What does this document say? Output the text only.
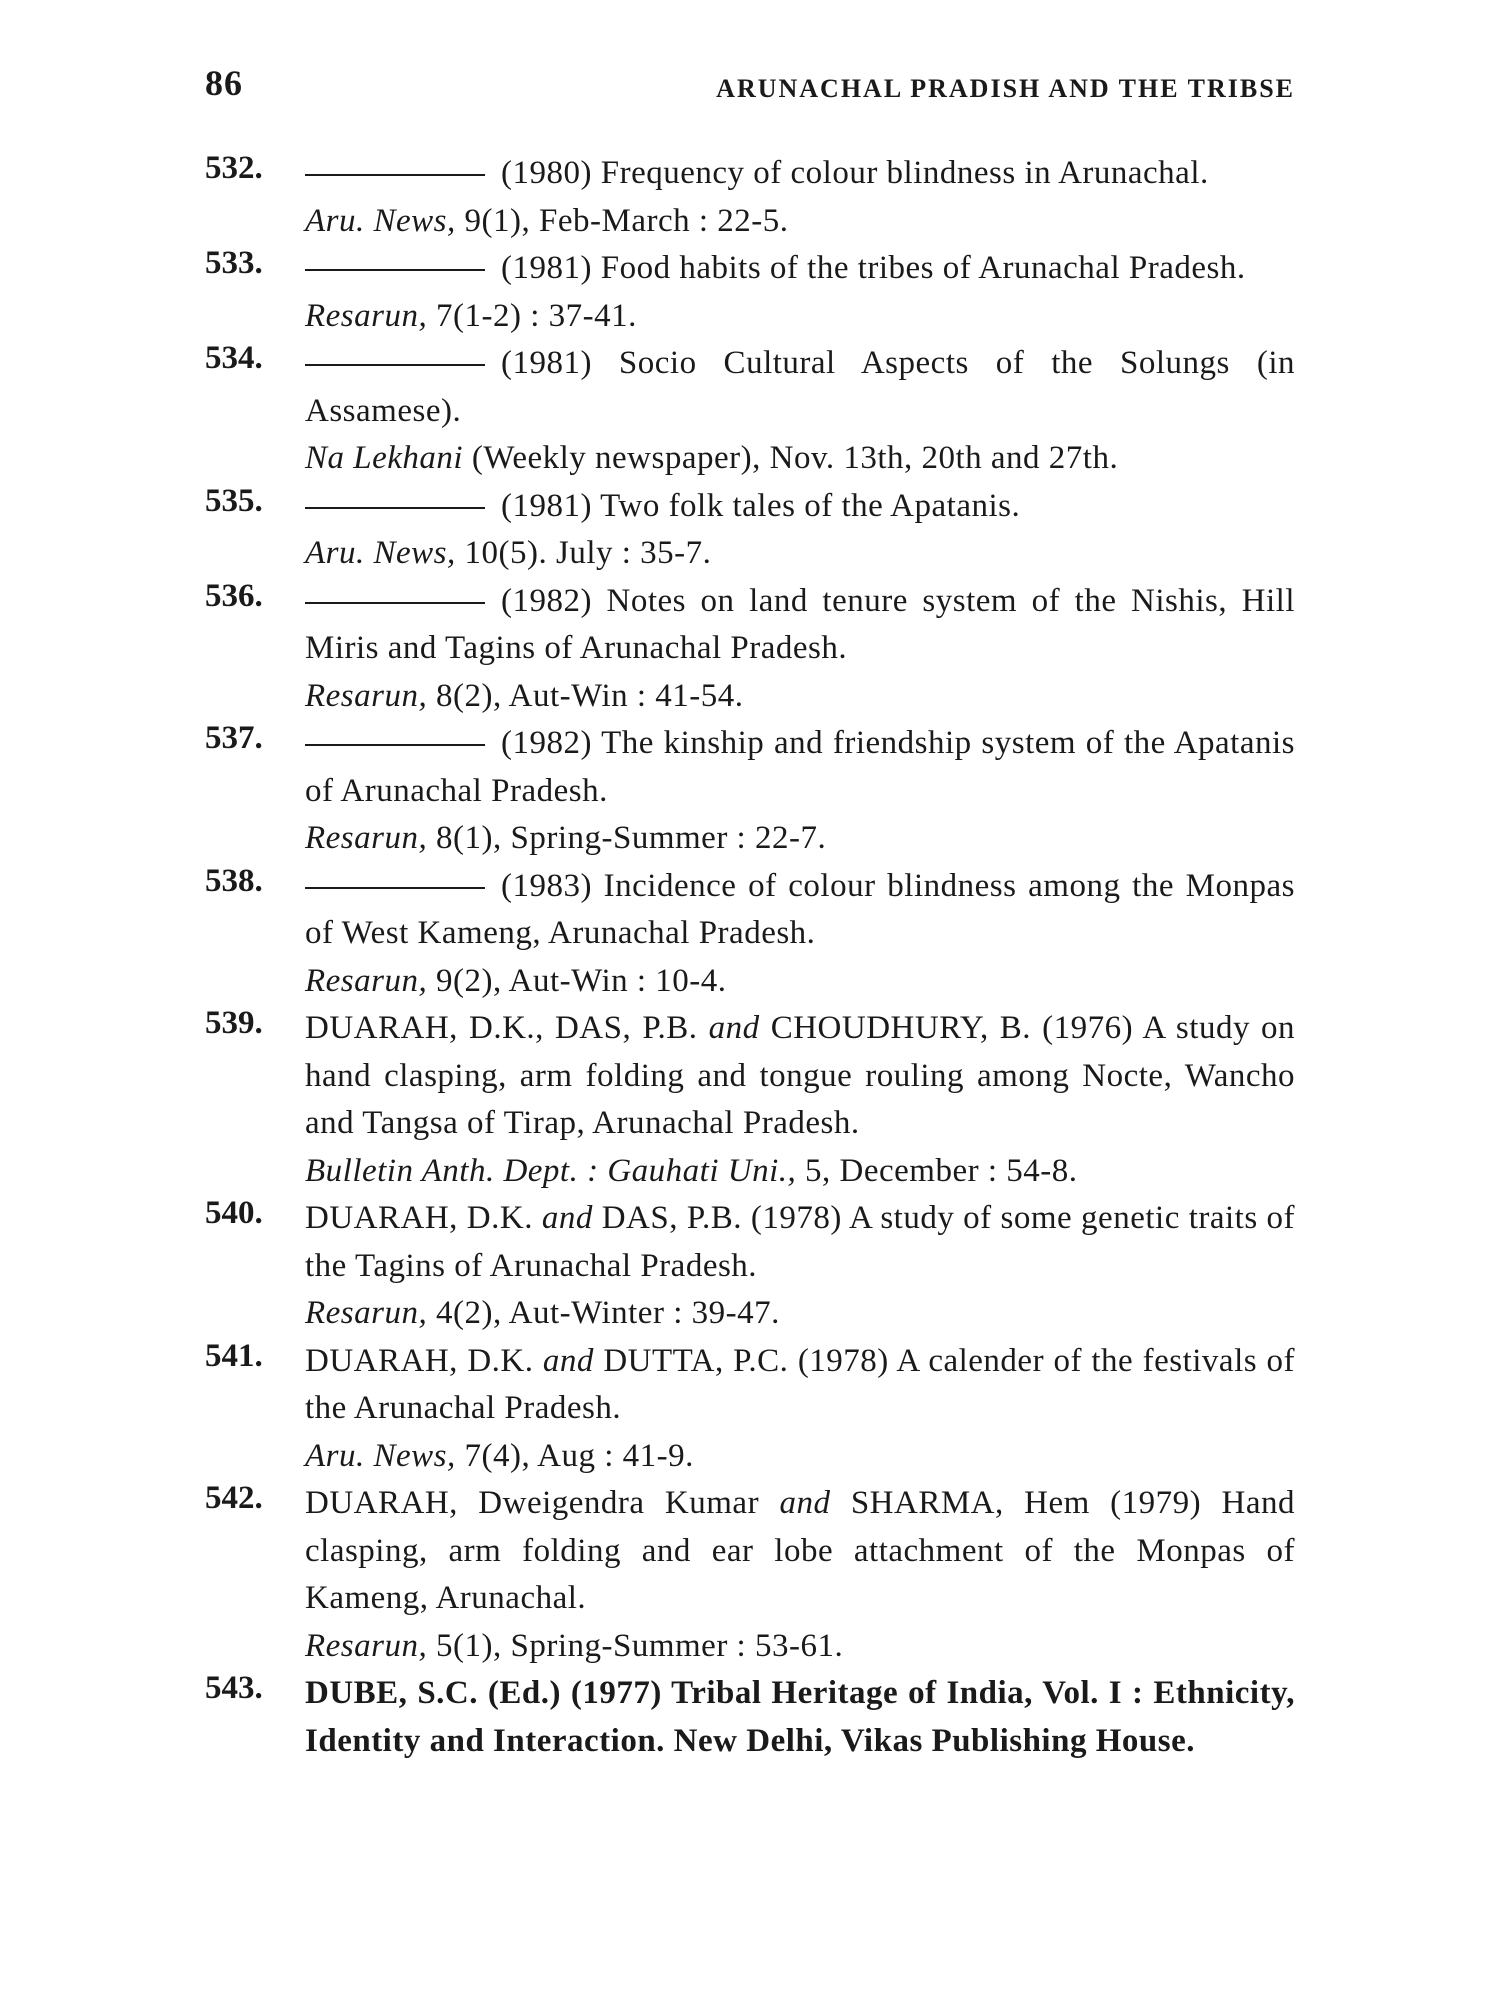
86	ARUNACHAL PRADISH AND THE TRIBSE
532.	(1980) Frequency of colour blindness in Arunachal.

Aru. News, 9(1), Feb-March : 22-5.

533.	(1981) Food habits of the tribes of Arunachal Pradesh.

Resarun, 7(1-2) : 37-41.

534.	(1981) Socio Cultural Aspects of the Solungs (in Assamese).

Na Lekhani (Weekly newspaper), Nov. 13th, 20th and 27th.

535.	(1981) Two folk tales of the Apatanis.

Aru. News, 10(5). July : 35-7.

536.	(1982) Notes on land tenure system of the Nishis, Hill Miris and Tagins of Arunachal Pradesh.

Resarun, 8(2), Aut-Win : 41-54.

537.	(1982) The kinship and friendship system of the Apatanis of Arunachal Pradesh.

Resarun, 8(1), Spring-Summer : 22-7.

538.	(1983) Incidence of colour blindness among the Monpas of West Kameng, Arunachal Pradesh.

Resarun, 9(2), Aut-Win : 10-4.

539.	DUARAH, D.K., DAS, P.B. and CHOUDHURY, B. (1976) A study on hand clasping, arm folding and tongue rouling among Nocte, Wancho and Tangsa of Tirap, Arunachal Pradesh.

Bulletin Anth. Dept. : Gauhati Uni., 5, December : 54-8.

540.	DUARAH, D.K. and DAS, P.B. (1978) A study of some genetic traits of the Tagins of Arunachal Pradesh.

Resarun, 4(2), Aut-Winter : 39-47.

541.	DUARAH, D.K. and DUTTA, P.C. (1978) A calender of the festivals of the Arunachal Pradesh.

Aru. News, 7(4), Aug : 41-9.

542.	DUARAH, Dweigendra Kumar and SHARMA, Hem (1979) Hand clasping, arm folding and ear lobe attachment of the Monpas of Kameng, Arunachal.

Resarun, 5(1), Spring-Summer : 53-61.

543.	DUBE, S.C. (Ed.) (1977) Tribal Heritage of India, Vol. I : Ethnicity, Identity and Interaction. New Delhi, Vikas Publishing House.
